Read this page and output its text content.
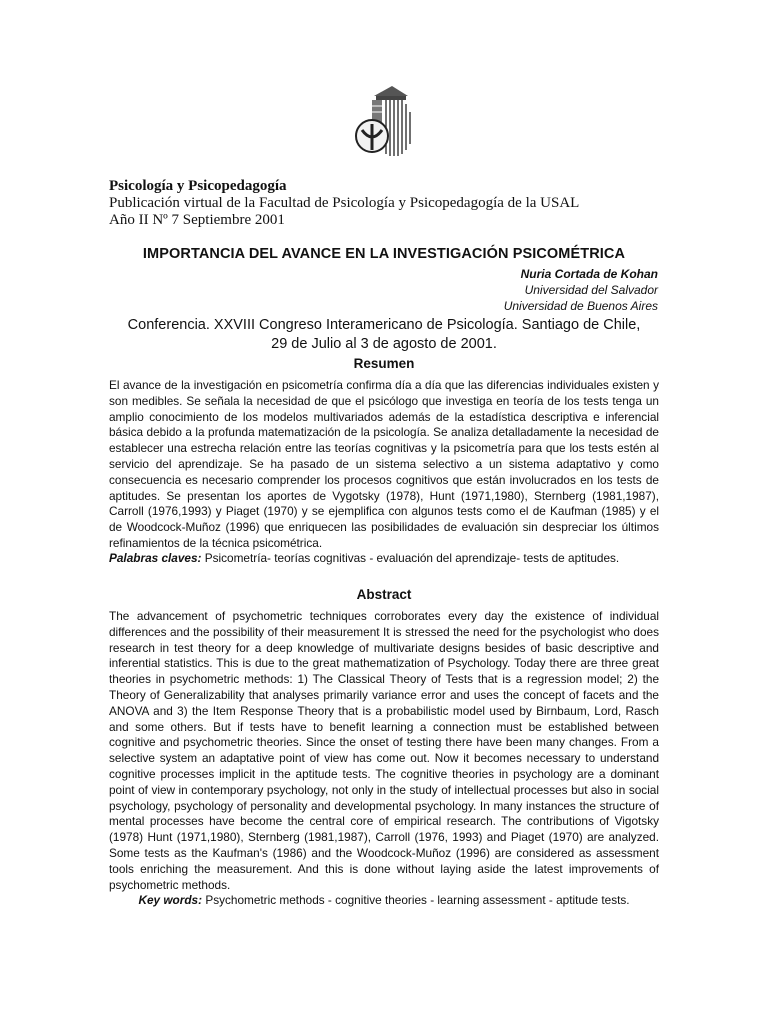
Psicología y Psicopedagogía
Publicación virtual de la Facultad de Psicología y Psicopedagogía de la USAL
Año II Nº 7 Septiembre 2001
IMPORTANCIA DEL AVANCE EN LA INVESTIGACIÓN PSICOMÉTRICA
Nuria Cortada de Kohan
Universidad del Salvador
Universidad de Buenos Aires
Conferencia. XXVIII Congreso Interamericano de Psicología. Santiago de Chile,
29 de Julio al 3 de agosto de 2001.
Resumen

El avance de la investigación en psicometría confirma día a día que las diferencias individuales existen y son medibles. Se señala la necesidad de que el psicólogo que investiga en teoría de los tests tenga un amplio conocimiento de los modelos multivariados además de la estadística descriptiva e inferencial básica debido a la profunda matematización de la psicología. Se analiza detalladamente la necesidad de establecer una estrecha relación entre las teorías cognitivas y la psicometría para que los tests estén al servicio del aprendizaje. Se ha pasado de un sistema selectivo a un sistema adaptativo y como consecuencia es necesario comprender los procesos cognitivos que están involucrados en los tests de aptitudes. Se presentan los aportes de Vygotsky (1978), Hunt (1971,1980), Sternberg (1981,1987), Carroll (1976,1993) y Piaget (1970) y se ejemplifica con algunos tests como el de Kaufman (1985) y el de Woodcock-Muñoz (1996) que enriquecen las posibilidades de evaluación sin despreciar los últimos refinamientos de la técnica psicométrica.

Palabras claves: Psicometría- teorías cognitivas - evaluación del aprendizaje- tests de aptitudes.

Abstract

The advancement of psychometric techniques corroborates every day the existence of individual differences and the possibility of their measurement It is stressed the need for the psychologist who does research in test theory for a deep knowledge of multivariate designs besides of basic descriptive and inferential statistics. This is due to the great mathematization of Psychology. Today there are three great theories in psychometric methods: 1) The Classical Theory of Tests that is a regression model; 2) the Theory of Generalizability that analyses primarily variance error and uses the concept of facets and the ANOVA and 3) the Item Response Theory that is a probabilistic model used by Birnbaum, Lord, Rasch and some others. But if tests have to benefit learning a connection must be established between cognitive and psychometric theories. Since the onset of testing there have been many changes. From a selective system an adaptative point of view has come out. Now it becomes necessary to understand cognitive processes implicit in the aptitude tests. The cognitive theories in psychology are a dominant point of view in contemporary psychology, not only in the study of intellectual processes but also in social psychology, psychology of personality and developmental psychology. In many instances the structure of mental processes have become the central core of empirical research. The contributions of Vigotsky (1978) Hunt (1971,1980), Sternberg (1981,1987), Carroll (1976, 1993) and Piaget (1970) are analyzed. Some tests as the Kaufman's (1986) and the Woodcock-Muñoz (1996) are considered as assessment tools enriching the measurement. And this is done without laying aside the latest improvements of psychometric methods.

Key words: Psychometric methods - cognitive theories - learning assessment - aptitude tests.
